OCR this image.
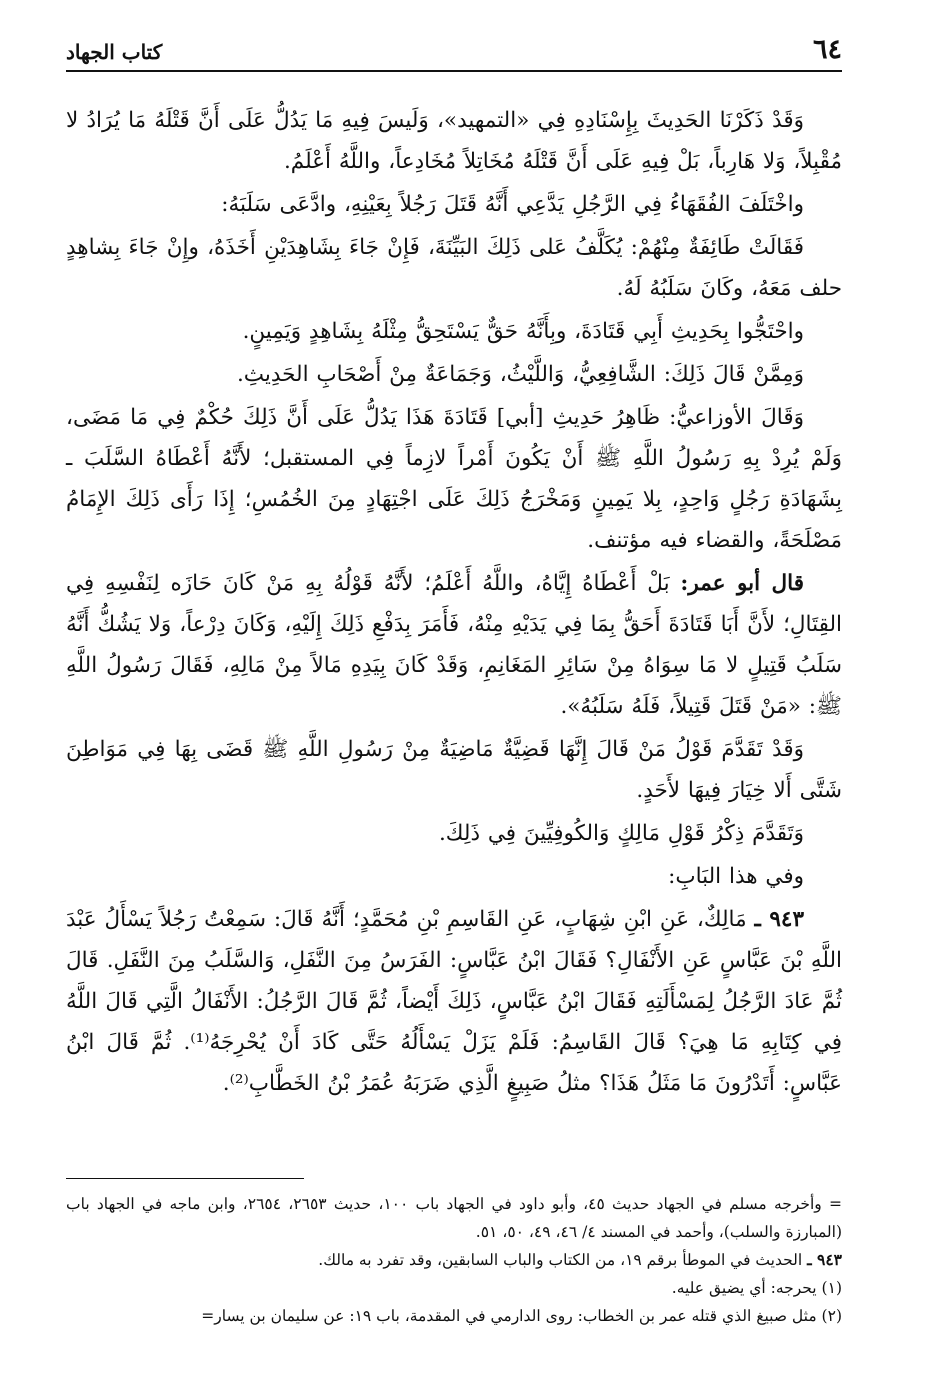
٦٤
كتاب الجهاد

وَقَدْ ذَكَرْنَا الحَدِيثَ بِإِسْنَادِهِ فِي «التمهيد»، وَلَيسَ فِيهِ مَا يَدُلُّ عَلَى أَنَّ قَتْلَهُ مَا يُرَادُ لا مُقْبِلاً، وَلا هَارِباً، بَلْ فِيهِ عَلَى أَنَّ قَتْلَهُ مُخَاتِلاً مُخَادِعاً، واللَّهُ أَعْلَمُ.

واخْتَلَفَ الفُقَهَاءُ فِي الرَّجُلِ يَدَّعِي أَنَّهُ قَتَلَ رَجُلاً بِعَيْنِهِ، وادَّعَى سَلَبَهُ:

فَقَالَتْ طَائِفَةٌ مِنْهُمْ: يُكَلَّفُ عَلى ذَلِكَ البَيِّنَةَ، فَإِنْ جَاءَ بِشَاهِدَيْنِ أَخَذَهُ، وإِنْ جَاءَ بِشاهِدٍ حلف مَعَهُ، وكَانَ سَلَبُهُ لَهُ.

واحْتَجُّوا بِحَدِيثِ أَبِي قَتَادَةَ، وبِأَنَّهُ حَقٌّ يَسْتَحِقُّ مِثْلَهُ بِشَاهِدٍ وَيَمِينٍ.

وَمِمَّنْ قَالَ ذَلِكَ: الشَّافِعِيُّ، وَاللَّيْثُ، وَجَمَاعَةٌ مِنْ أَصْحَابِ الحَدِيثِ.

وَقَالَ الأوزاعيُّ: ظَاهِرُ حَدِيثِ [أبي] قَتَادَةَ هَذَا يَدُلُّ عَلَى أَنَّ ذَلِكَ حُكْمٌ فِي مَا مَضَى، وَلَمْ يُرِدْ بِهِ رَسُولُ اللَّهِ ﷺ أَنْ يَكُونَ أَمْراً لازِماً فِي المستقبل؛ لأَنَّهُ أَعْطَاهُ السَّلَبَ ـ بِشَهَادَةِ رَجُلٍ وَاحِدٍ، بِلا يَمِينٍ وَمَخْرَجُ ذَلِكَ عَلَى اجْتِهَادٍ مِنَ الخُمُسِ؛ إِذَا رَأَى ذَلِكَ الإِمَامُ مَصْلَحَةً، والقضاء فيه مؤتنف.

قال أبو عمر: بَلْ أَعْطَاهُ إِيَّاهُ، واللَّهُ أَعْلَمُ؛ لأَنَّهُ قَوْلُهُ بِهِ مَنْ كَانَ حَازَه لِنَفْسِهِ فِي القِتَالِ؛ لأَنَّ أَبَا قَتَادَةَ أَحَقُّ بِمَا فِي يَدَيْهِ مِنْهُ، فَأَمَرَ بِدَفْعِ ذَلِكَ إِلَيْهِ، وَكَانَ دِرْعاً، وَلا يَشُكُّ أَنَّهُ سَلَبُ قَتِيلٍ لا مَا سِوَاهُ مِنْ سَائِرِ المَغَانِمِ، وَقَدْ كَانَ بِيَدِهِ مَالاً مِنْ مَالِهِ، فَقَالَ رَسُولُ اللَّهِ ﷺ: «مَنْ قَتَلَ قَتِيلاً، فَلَهُ سَلَبُهُ».

وَقَدْ تَقَدَّمَ قَوْلُ مَنْ قَالَ إِنَّهَا قَضِيَّةٌ مَاضِيَةٌ مِنْ رَسُولِ اللَّهِ ﷺ قَضَى بِهَا فِي مَوَاطِنَ شَتَّى أَلا خِيَارَ فِيهَا لأَحَدٍ.

وَتَقَدَّمَ ذِكْرُ قَوْلِ مَالِكٍ وَالكُوفِيِّينَ فِي ذَلِكَ.

وفي هذا البَابِ:

٩٤٣ ـ مَالِكٌ، عَنِ ابْنِ شِهَابٍ، عَنِ القَاسِمِ بْنِ مُحَمَّدٍ؛ أَنَّهُ قَالَ: سَمِعْتُ رَجُلاً يَسْأَلُ عَبْدَ اللَّهِ بْنَ عَبَّاسٍ عَنِ الأَنْفَالِ؟ فَقَالَ ابْنُ عَبَّاسٍ: الفَرَسُ مِنَ النَّفَلِ، وَالسَّلَبُ مِنَ النَّفَلِ. قَالَ ثُمَّ عَادَ الرَّجُلُ لِمَسْأَلَتِهِ فَقَالَ ابْنُ عَبَّاسٍ، ذَلِكَ أَيْضاً، ثُمَّ قَالَ الرَّجُلُ: الأَنْفَالُ الَّتِي قَالَ اللَّهُ فِي كِتَابِهِ مَا هِيَ؟ قَالَ القَاسِمُ: فَلَمْ يَزَلْ يَسْأَلُهُ حَتَّى كَادَ أَنْ يُحْرِجَهُ⁽¹⁾. ثُمَّ قَالَ ابْنُ عَبَّاسٍ: أَتَدْرُونَ مَا مَثَلُ هَذَا؟ مثلُ صَبِيغٍ الَّذِي ضَرَبَهُ عُمَرُ بْنُ الخَطَّابِ⁽²⁾.

= وأخرجه مسلم في الجهاد حديث ٤٥، وأبو داود في الجهاد باب ١٠٠، حديث ٢٦٥٣، ٢٦٥٤، وابن ماجه في الجهاد باب (المبارزة والسلب)، وأحمد في المسند ٤/ ٤٦، ٤٩، ٥٠، ٥١.

٩٤٣ ـ الحديث في الموطأ برقم ١٩، من الكتاب والباب السابقين، وقد تفرد به مالك.

(١) يحرجه: أي يضيق عليه.

(٢) مثل صبيغ الذي قتله عمر بن الخطاب: روى الدارمي في المقدمة، باب ١٩: عن سليمان بن يسار=
